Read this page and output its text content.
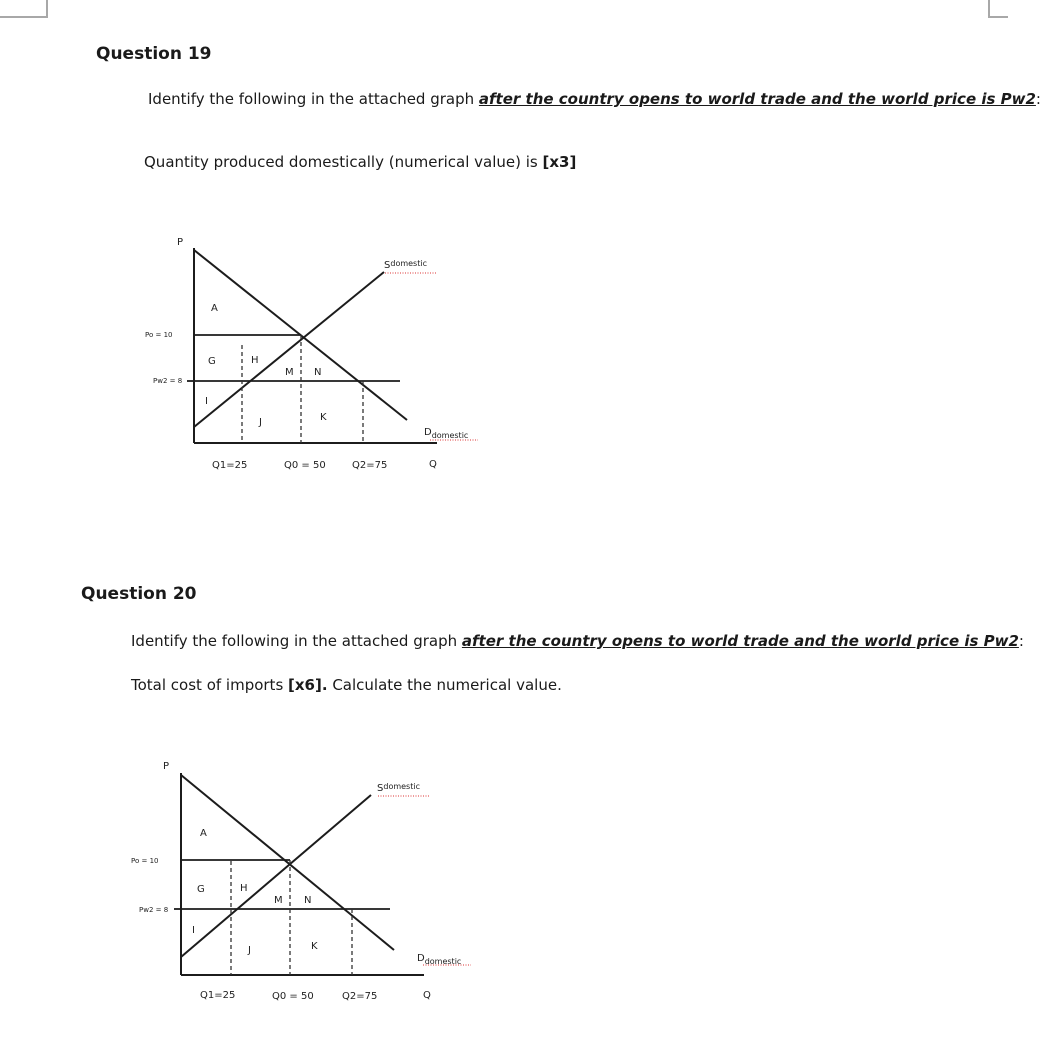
Question 19

Identify the following in the attached graph after the country opens to world trade and the world price is Pw2:

Quantity produced domestically (numerical value) is [x3]

P
Q
Po = 10
Pw2 = 8
Q1=25	Q0 = 50	Q2=75
$S^{domestic}$
$D_{domestic}$
A
G	H
M N
I
J	K
Question 20

Identify the following in the attached graph after the country opens to world trade and the world price is Pw2:

Total cost of imports [x6]. Calculate the numerical value.

P
Q
Po = 10
Pw2 = 8
Q1=25	Q0 = 50	Q2=75
$S^{domestic}$
$D_{domestic}$
A
G	H
M N
I
J	K
